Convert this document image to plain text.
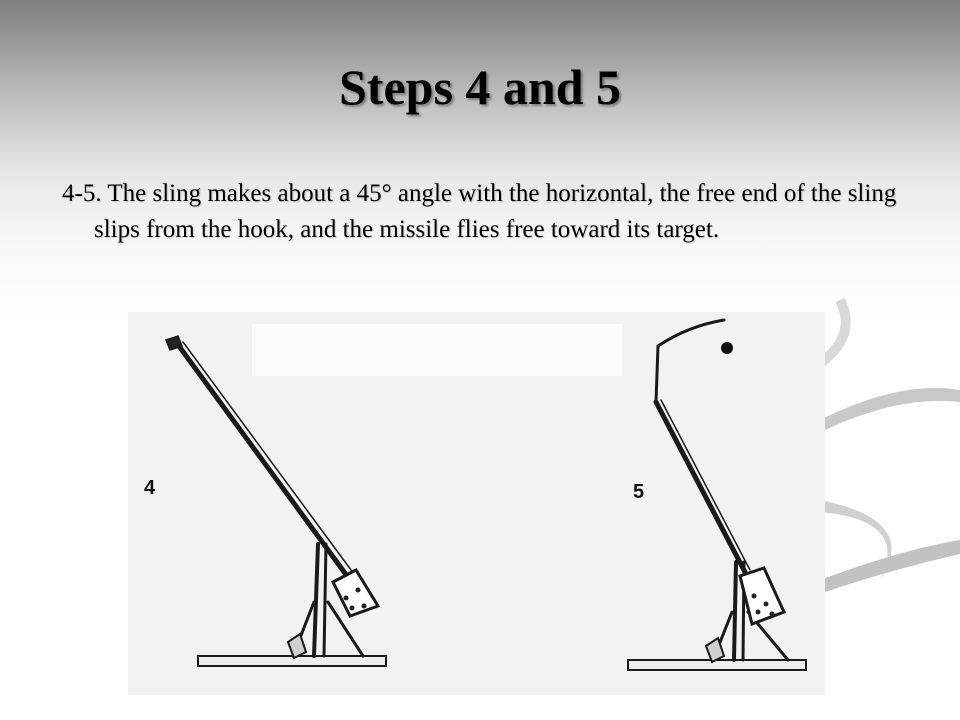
Steps 4 and 5
4-5. The sling makes about a 45° angle with the horizontal, the free end of the sling slips from the hook, and the missile flies free toward its target.
4	5
